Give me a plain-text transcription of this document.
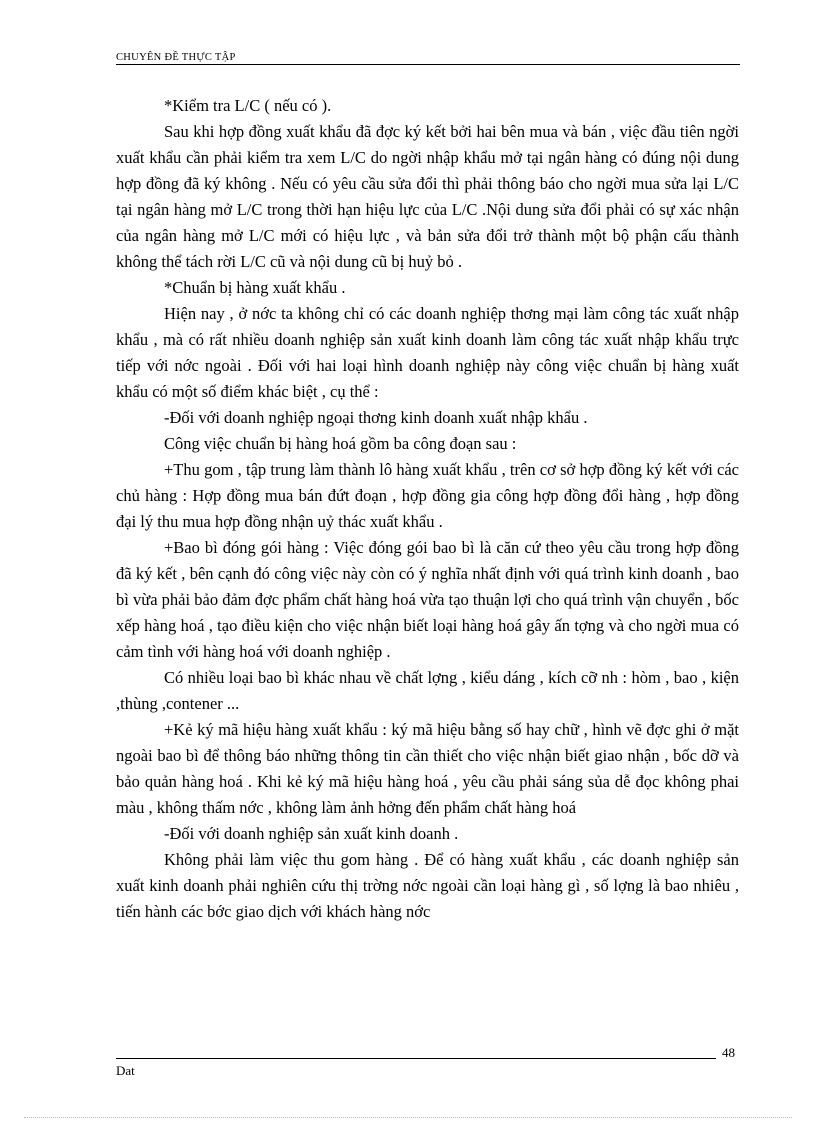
CHUYÊN ĐỀ THỰC TẬP

*Kiểm tra L/C ( nếu có ).

Sau khi hợp đồng xuất khẩu đã đợc ký kết bởi hai bên mua và bán , việc đầu tiên ngời xuất khẩu cần phải kiểm tra xem L/C do ngời nhập khẩu mở tại ngân hàng có đúng nội dung hợp đồng đã ký không . Nếu có yêu cầu sửa đổi thì phải thông báo cho ngời mua sửa lại L/C tại ngân hàng mở L/C trong thời hạn hiệu lực của L/C .Nội dung sửa đổi phải có sự xác nhận của ngân hàng mở L/C mới có hiệu lực , và bản sửa đổi trở thành một bộ phận cấu thành không thể tách rời L/C cũ và nội dung cũ bị huỷ bỏ .

*Chuẩn bị hàng xuất khẩu .

Hiện nay , ở nớc ta không chỉ có các doanh nghiệp thơng mại làm công tác xuất nhập khẩu , mà có rất nhiều doanh nghiệp sản xuất kinh doanh làm công tác xuất nhập khẩu trực tiếp với nớc ngoài . Đối với hai loại hình doanh nghiệp này công việc chuẩn bị hàng xuất khẩu có một số điểm khác biệt , cụ thể :

-Đối với doanh nghiệp ngoại thơng kinh doanh xuất nhập khẩu .

Công việc chuẩn bị hàng hoá gồm ba công đoạn sau :

+Thu gom , tập trung làm thành lô hàng xuất khẩu , trên cơ sở hợp đồng ký kết với các chủ hàng : Hợp đồng mua bán đứt đoạn , hợp đồng gia công hợp đồng đổi hàng , hợp đồng đại lý thu mua hợp đồng nhận uỷ thác xuất khẩu .

+Bao bì đóng gói hàng : Việc đóng gói bao bì là căn cứ theo yêu cầu trong hợp đồng đã ký kết , bên cạnh đó công việc này còn có ý nghĩa nhất định với quá trình kinh doanh , bao bì vừa phải bảo đảm đợc phẩm chất hàng hoá vừa tạo thuận lợi cho quá trình vận chuyển , bốc xếp hàng hoá , tạo điều kiện cho việc nhận biết loại hàng hoá gây ấn tợng và cho ngời mua có cảm tình với hàng hoá với doanh nghiệp .

Có nhiều loại bao bì khác nhau về chất lợng , kiểu dáng , kích cỡ nh : hòm , bao , kiện ,thùng ,contener ...

+Kẻ ký mã hiệu hàng xuất khẩu : ký mã hiệu bằng số hay chữ , hình vẽ đợc ghi ở mặt ngoài bao bì để thông báo những thông tin cần thiết cho việc nhận biết giao nhận , bốc dỡ và bảo quản hàng hoá . Khi kẻ ký mã hiệu hàng hoá , yêu cầu phải sáng sủa dễ đọc không phai màu , không thấm nớc , không làm ảnh hởng đến phẩm chất hàng hoá

-Đối với doanh nghiệp sản xuất kinh doanh .

Không phải làm việc thu gom hàng . Để có hàng xuất khẩu , các doanh nghiệp sản xuất kinh doanh phải nghiên cứu thị trờng nớc ngoài cần loại hàng gì , số lợng là bao nhiêu , tiến hành các bớc giao dịch với khách hàng nớc

48
Dat
